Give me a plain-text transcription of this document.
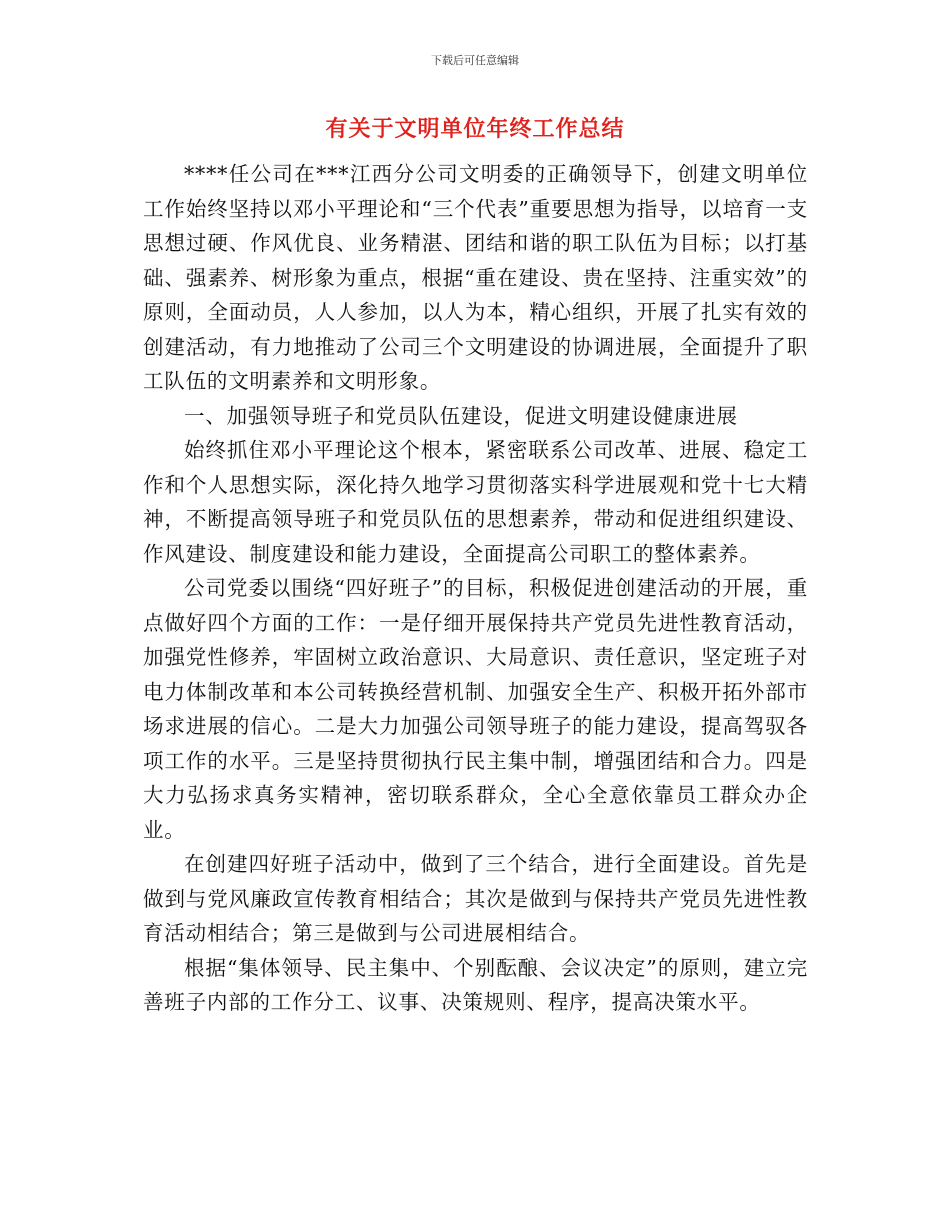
下载后可任意编辑
有关于文明单位年终工作总结

****任公司在***江西分公司文明委的正确领导下，创建文明单位工作始终坚持以邓小平理论和“三个代表”重要思想为指导，以培育一支思想过硬、作风优良、业务精湛、团结和谐的职工队伍为目标；以打基础、强素养、树形象为重点，根据“重在建设、贵在坚持、注重实效”的原则，全面动员，人人参加，以人为本，精心组织，开展了扎实有效的创建活动，有力地推动了公司三个文明建设的协调进展，全面提升了职工队伍的文明素养和文明形象。

一、加强领导班子和党员队伍建设，促进文明建设健康进展

始终抓住邓小平理论这个根本，紧密联系公司改革、进展、稳定工作和个人思想实际，深化持久地学习贯彻落实科学进展观和党十七大精神，不断提高领导班子和党员队伍的思想素养，带动和促进组织建设、作风建设、制度建设和能力建设，全面提高公司职工的整体素养。

公司党委以围绕“四好班子”的目标，积极促进创建活动的开展，重点做好四个方面的工作：一是仔细开展保持共产党员先进性教育活动，加强党性修养，牢固树立政治意识、大局意识、责任意识，坚定班子对电力体制改革和本公司转换经营机制、加强安全生产、积极开拓外部市场求进展的信心。二是大力加强公司领导班子的能力建设，提高驾驭各项工作的水平。三是坚持贯彻执行民主集中制，增强团结和合力。四是大力弘扬求真务实精神，密切联系群众，全心全意依靠员工群众办企业。

在创建四好班子活动中，做到了三个结合，进行全面建设。首先是做到与党风廉政宣传教育相结合；其次是做到与保持共产党员先进性教育活动相结合；第三是做到与公司进展相结合。

根据“集体领导、民主集中、个别酝酿、会议决定”的原则，建立完善班子内部的工作分工、议事、决策规则、程序，提高决策水平。
